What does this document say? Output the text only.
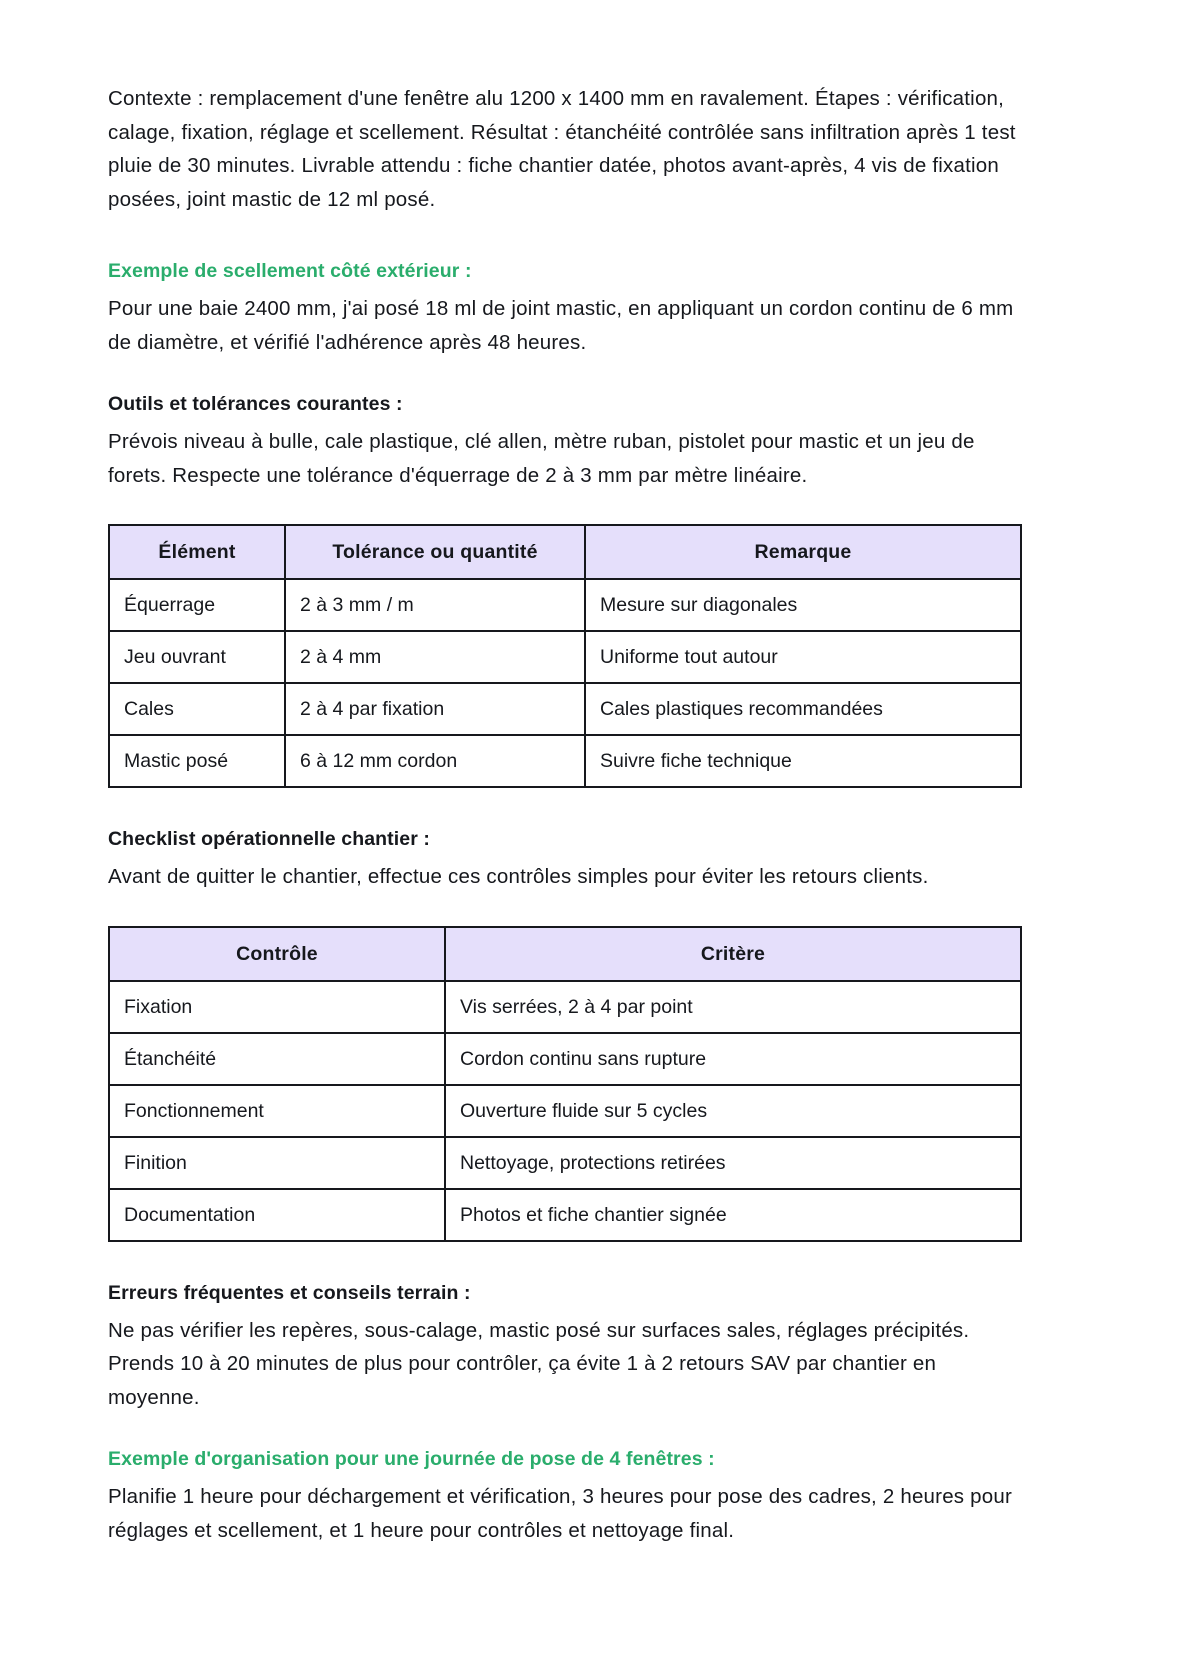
Contexte : remplacement d'une fenêtre alu 1200 x 1400 mm en ravalement. Étapes : vérification, calage, fixation, réglage et scellement. Résultat : étanchéité contrôlée sans infiltration après 1 test pluie de 30 minutes. Livrable attendu : fiche chantier datée, photos avant-après, 4 vis de fixation posées, joint mastic de 12 ml posé.

Exemple de scellement côté extérieur :

Pour une baie 2400 mm, j'ai posé 18 ml de joint mastic, en appliquant un cordon continu de 6 mm de diamètre, et vérifié l'adhérence après 48 heures.

Outils et tolérances courantes :

Prévois niveau à bulle, cale plastique, clé allen, mètre ruban, pistolet pour mastic et un jeu de forets. Respecte une tolérance d'équerrage de 2 à 3 mm par mètre linéaire.

Élément	Tolérance ou quantité	Remarque
Équerrage	2 à 3 mm / m	Mesure sur diagonales
Jeu ouvrant	2 à 4 mm	Uniforme tout autour
Cales	2 à 4 par fixation	Cales plastiques recommandées
Mastic posé	6 à 12 mm cordon	Suivre fiche technique
Checklist opérationnelle chantier :

Avant de quitter le chantier, effectue ces contrôles simples pour éviter les retours clients.

Contrôle	Critère
Fixation	Vis serrées, 2 à 4 par point
Étanchéité	Cordon continu sans rupture
Fonctionnement	Ouverture fluide sur 5 cycles
Finition	Nettoyage, protections retirées
Documentation	Photos et fiche chantier signée
Erreurs fréquentes et conseils terrain :

Ne pas vérifier les repères, sous-calage, mastic posé sur surfaces sales, réglages précipités. Prends 10 à 20 minutes de plus pour contrôler, ça évite 1 à 2 retours SAV par chantier en moyenne.

Exemple d'organisation pour une journée de pose de 4 fenêtres :

Planifie 1 heure pour déchargement et vérification, 3 heures pour pose des cadres, 2 heures pour réglages et scellement, et 1 heure pour contrôles et nettoyage final.
